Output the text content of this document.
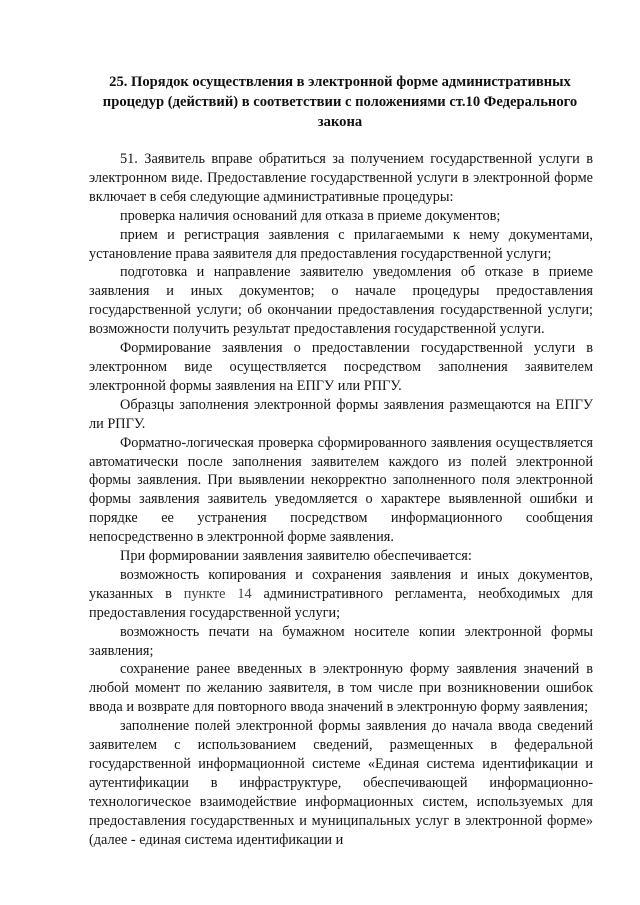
25. Порядок осуществления в электронной форме административных
процедур (действий) в соответствии с положениями ст.10 Федерального
закона

51. Заявитель вправе обратиться за получением государственной услуги в электронном виде. Предоставление государственной услуги в электронной форме включает в себя следующие административные процедуры:

проверка наличия оснований для отказа в приеме документов;

прием и регистрация заявления с прилагаемыми к нему документами, установление права заявителя для предоставления государственной услуги;

подготовка и направление заявителю уведомления об отказе в приеме заявления и иных документов; о начале процедуры предоставления государственной услуги; об окончании предоставления государственной услуги; возможности получить результат предоставления государственной услуги.

Формирование заявления о предоставлении государственной услуги в электронном виде осуществляется посредством заполнения заявителем электронной формы заявления на ЕПГУ или РПГУ.

Образцы заполнения электронной формы заявления размещаются на ЕПГУ ли РПГУ.

Форматно-логическая проверка сформированного заявления осуществляется автоматически после заполнения заявителем каждого из полей электронной формы заявления. При выявлении некорректно заполненного поля электронной формы заявления заявитель уведомляется о характере выявленной ошибки и порядке ее устранения посредством информационного сообщения непосредственно в электронной форме заявления.

При формировании заявления заявителю обеспечивается:

возможность копирования и сохранения заявления и иных документов, указанных в пункте 14 административного регламента, необходимых для предоставления государственной услуги;

возможность печати на бумажном носителе копии электронной формы заявления;

сохранение ранее введенных в электронную форму заявления значений в любой момент по желанию заявителя, в том числе при возникновении ошибок ввода и возврате для повторного ввода значений в электронную форму заявления;

заполнение полей электронной формы заявления до начала ввода сведений заявителем с использованием сведений, размещенных в федеральной государственной информационной системе «Единая система идентификации и аутентификации в инфраструктуре, обеспечивающей информационно-технологическое взаимодействие информационных систем, используемых для предоставления государственных и муниципальных услуг в электронной форме» (далее - единая система идентификации и
